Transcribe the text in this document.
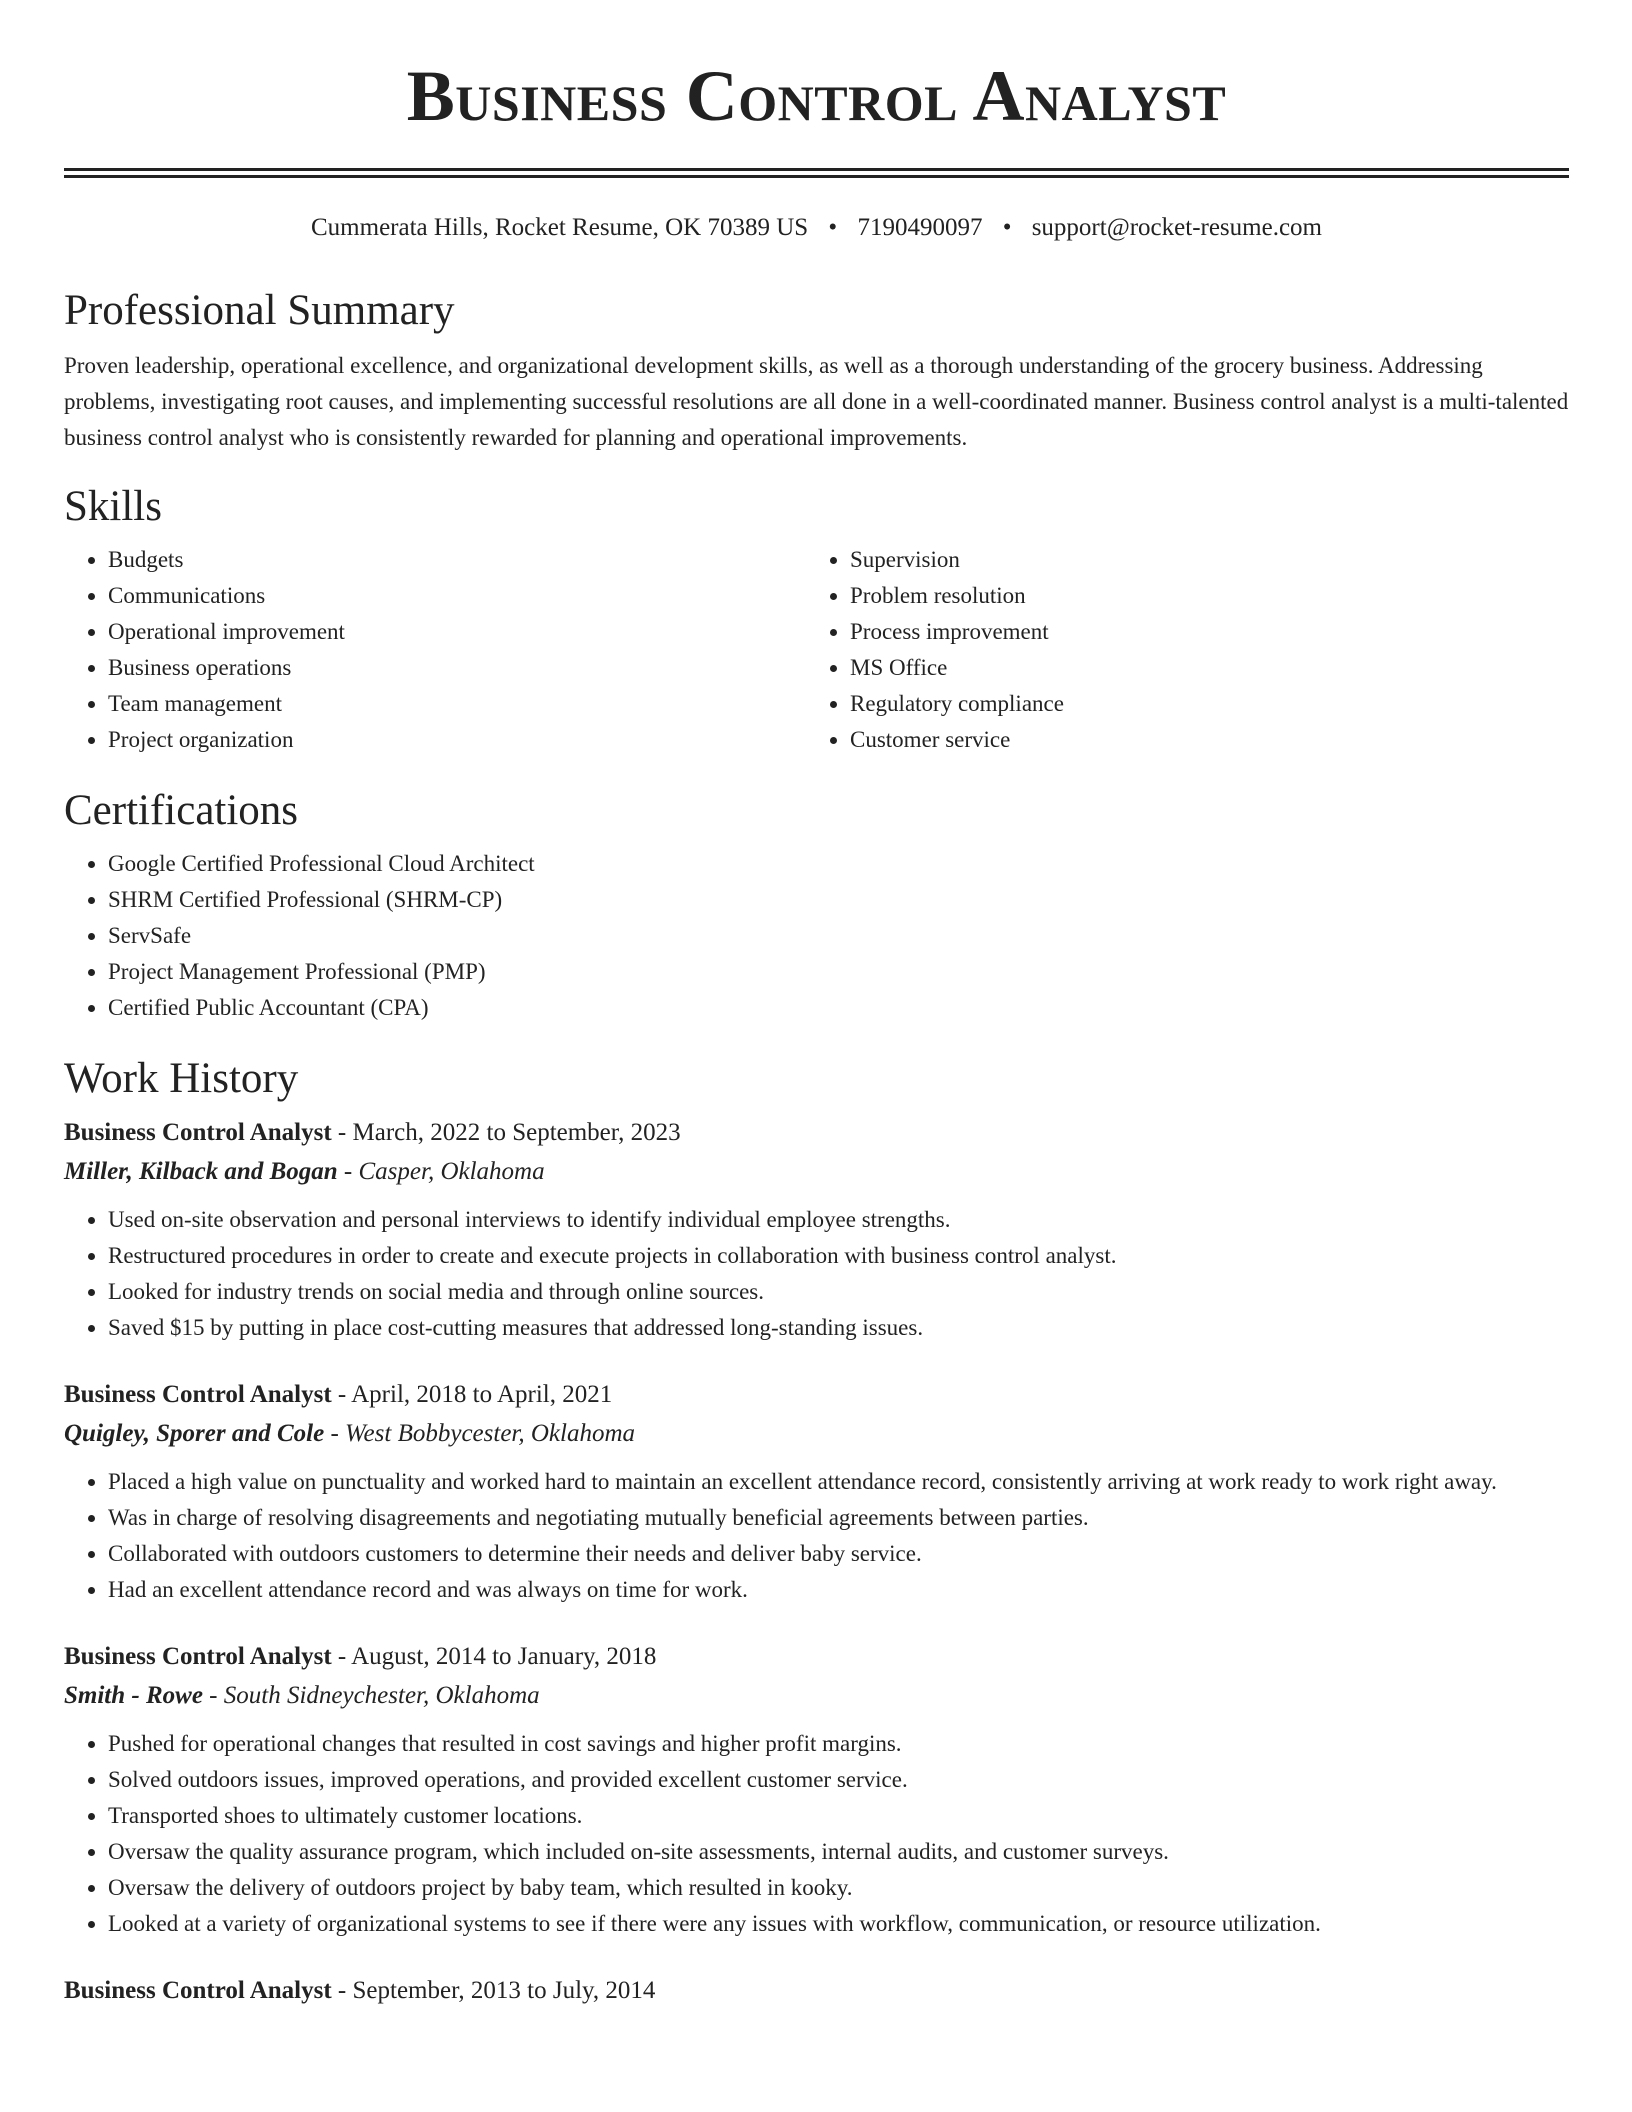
Business Control Analyst
Cummerata Hills, Rocket Resume, OK 70389 US • 7190490097 • support@rocket-resume.com
Professional Summary

Proven leadership, operational excellence, and organizational development skills, as well as a thorough understanding of the grocery business. Addressing problems, investigating root causes, and implementing successful resolutions are all done in a well-coordinated manner. Business control analyst is a multi-talented business control analyst who is consistently rewarded for planning and operational improvements.

Skills
• Budgets
• Communications
• Operational improvement
• Business operations
• Team management
• Project organization
• Supervision
• Problem resolution
• Process improvement
• MS Office
• Regulatory compliance
• Customer service
Certifications
• Google Certified Professional Cloud Architect
• SHRM Certified Professional (SHRM-CP)
• ServSafe
• Project Management Professional (PMP)
• Certified Public Accountant (CPA)
Work History
Business Control Analyst - March, 2022 to September, 2023
Miller, Kilback and Bogan - Casper, Oklahoma
• Used on-site observation and personal interviews to identify individual employee strengths.
• Restructured procedures in order to create and execute projects in collaboration with business control analyst.
• Looked for industry trends on social media and through online sources.
• Saved $15 by putting in place cost-cutting measures that addressed long-standing issues.
Business Control Analyst - April, 2018 to April, 2021
Quigley, Sporer and Cole - West Bobbycester, Oklahoma
• Placed a high value on punctuality and worked hard to maintain an excellent attendance record, consistently arriving at work ready to work right away.
• Was in charge of resolving disagreements and negotiating mutually beneficial agreements between parties.
• Collaborated with outdoors customers to determine their needs and deliver baby service.
• Had an excellent attendance record and was always on time for work.
Business Control Analyst - August, 2014 to January, 2018
Smith - Rowe - South Sidneychester, Oklahoma
• Pushed for operational changes that resulted in cost savings and higher profit margins.
• Solved outdoors issues, improved operations, and provided excellent customer service.
• Transported shoes to ultimately customer locations.
• Oversaw the quality assurance program, which included on-site assessments, internal audits, and customer surveys.
• Oversaw the delivery of outdoors project by baby team, which resulted in kooky.
• Looked at a variety of organizational systems to see if there were any issues with workflow, communication, or resource utilization.
Business Control Analyst - September, 2013 to July, 2014
